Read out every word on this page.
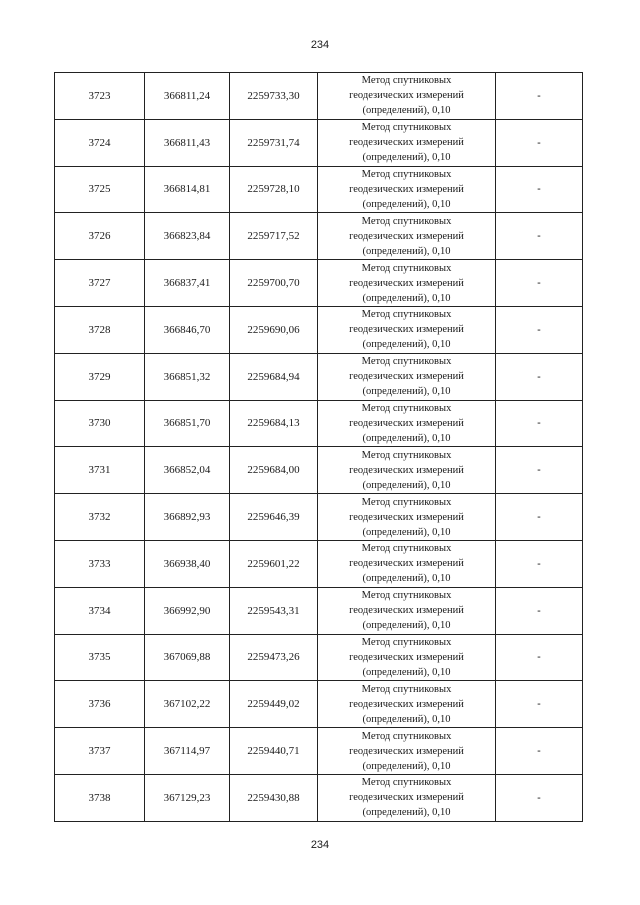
234
3723	366811,24	2259733,30	Метод спутниковых
геодезических измерений
(определений), 0,10	-
3724	366811,43	2259731,74	Метод спутниковых
геодезических измерений
(определений), 0,10	-
3725	366814,81	2259728,10	Метод спутниковых
геодезических измерений
(определений), 0,10	-
3726	366823,84	2259717,52	Метод спутниковых
геодезических измерений
(определений), 0,10	-
3727	366837,41	2259700,70	Метод спутниковых
геодезических измерений
(определений), 0,10	-
3728	366846,70	2259690,06	Метод спутниковых
геодезических измерений
(определений), 0,10	-
3729	366851,32	2259684,94	Метод спутниковых
геодезических измерений
(определений), 0,10	-
3730	366851,70	2259684,13	Метод спутниковых
геодезических измерений
(определений), 0,10	-
3731	366852,04	2259684,00	Метод спутниковых
геодезических измерений
(определений), 0,10	-
3732	366892,93	2259646,39	Метод спутниковых
геодезических измерений
(определений), 0,10	-
3733	366938,40	2259601,22	Метод спутниковых
геодезических измерений
(определений), 0,10	-
3734	366992,90	2259543,31	Метод спутниковых
геодезических измерений
(определений), 0,10	-
3735	367069,88	2259473,26	Метод спутниковых
геодезических измерений
(определений), 0,10	-
3736	367102,22	2259449,02	Метод спутниковых
геодезических измерений
(определений), 0,10	-
3737	367114,97	2259440,71	Метод спутниковых
геодезических измерений
(определений), 0,10	-
3738	367129,23	2259430,88	Метод спутниковых
геодезических измерений
(определений), 0,10	-
234
